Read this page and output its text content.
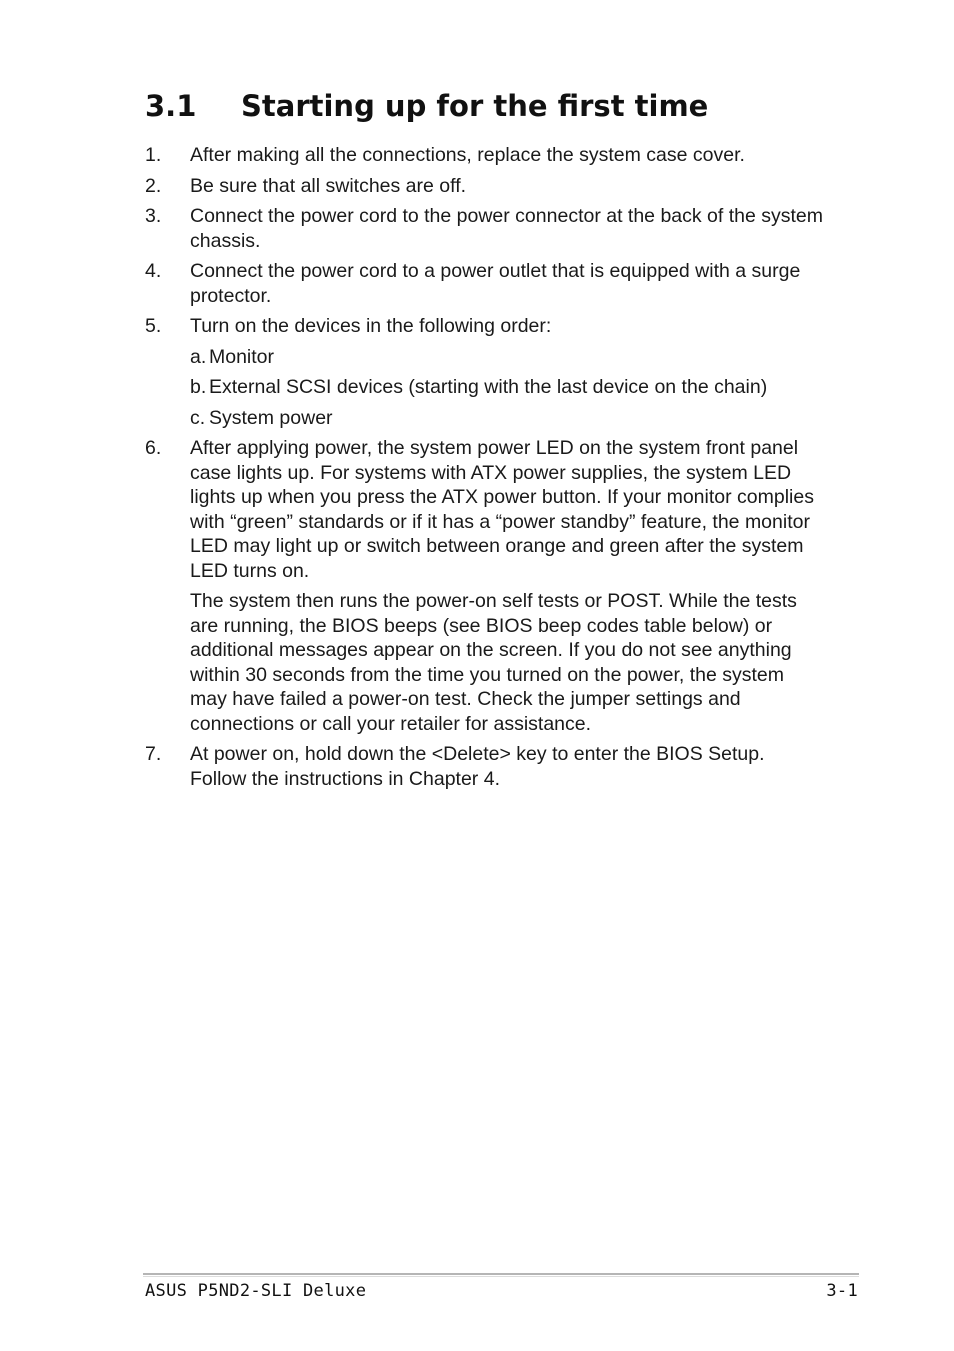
3.1 Starting up for the first time
1.	After making all the connections, replace the system case cover.

2.	Be sure that all switches are off.

3.	Connect the power cord to the power connector at the back of the system chassis.

4.	Connect the power cord to a power outlet that is equipped with a surge protector.

5.	Turn on the devices in the following order:

a. Monitor
b. External SCSI devices (starting with the last device on the chain)
c. System power
6.	After applying power, the system power LED on the system front panel case lights up. For systems with ATX power supplies, the system LED lights up when you press the ATX power button. If your monitor complies with “green” standards or if it has a “power standby” feature, the monitor LED may light up or switch between orange and green after the system LED turns on.

The system then runs the power-on self tests or POST. While the tests are running, the BIOS beeps (see BIOS beep codes table below) or additional messages appear on the screen. If you do not see anything within 30 seconds from the time you turned on the power, the system may have failed a power-on test. Check the jumper settings and connections or call your retailer for assistance.

7.	At power on, hold down the <Delete> key to enter the BIOS Setup. Follow the instructions in Chapter 4.

ASUS P5ND2-SLI Deluxe	3-1
